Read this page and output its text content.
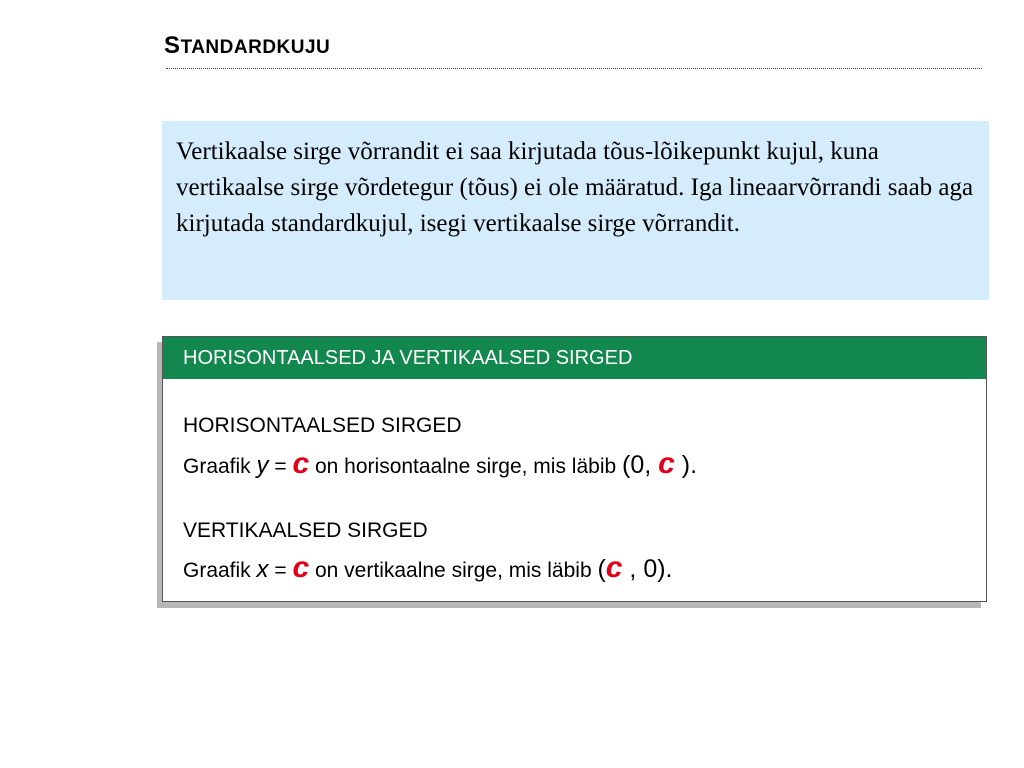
STANDARDKUJU

Vertikaalse sirge võrrandit ei saa kirjutada tõus-lõikepunkt kujul, kuna vertikaalse sirge võrdetegur (tõus) ei ole määratud. Iga lineaarvõrrandi saab aga kirjutada standardkujul, isegi vertikaalse sirge võrrandit.

HORISONTAALSED JA VERTIKAALSED SIRGED
HORISONTAALSED SIRGED
Graafik y = c on horisontaalne sirge, mis läbib (0, c ).
VERTIKAALSED SIRGED
Graafik x = c on vertikaalne sirge, mis läbib (c , 0).
